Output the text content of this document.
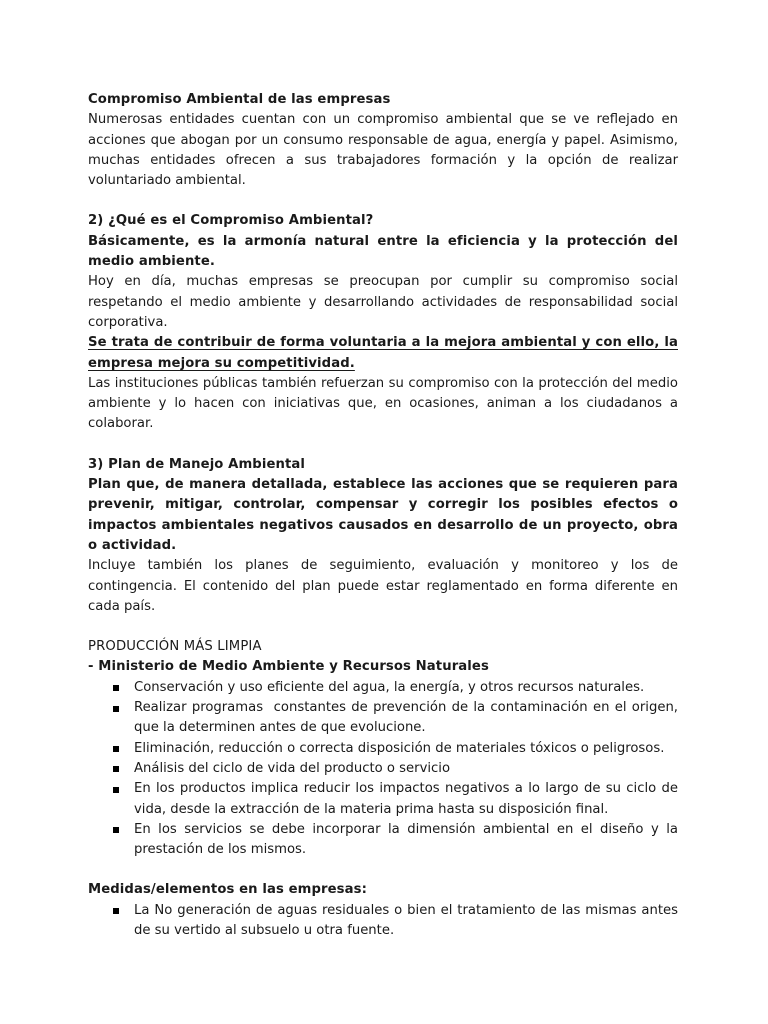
Compromiso Ambiental de las empresas

Numerosas entidades cuentan con un compromiso ambiental que se ve reflejado en acciones que abogan por un consumo responsable de agua, energía y papel. Asimismo, muchas entidades ofrecen a sus trabajadores formación y la opción de realizar voluntariado ambiental.

2) ¿Qué es el Compromiso Ambiental?

Básicamente, es la armonía natural entre la eficiencia y la protección del medio ambiente.

Hoy en día, muchas empresas se preocupan por cumplir su compromiso social respetando el medio ambiente y desarrollando actividades de responsabilidad social corporativa.

Se trata de contribuir de forma voluntaria a la mejora ambiental y con ello, la empresa mejora su competitividad.

Las instituciones públicas también refuerzan su compromiso con la protección del medio ambiente y lo hacen con iniciativas que, en ocasiones, animan a los ciudadanos a colaborar.

3) Plan de Manejo Ambiental

Plan que, de manera detallada, establece las acciones que se requieren para prevenir, mitigar, controlar, compensar y corregir los posibles efectos o impactos ambientales negativos causados en desarrollo de un proyecto, obra o actividad.

Incluye también los planes de seguimiento, evaluación y monitoreo y los de contingencia. El contenido del plan puede estar reglamentado en forma diferente en cada país.

PRODUCCIÓN MÁS LIMPIA

- Ministerio de Medio Ambiente y Recursos Naturales

Conservación y uso eficiente del agua, la energía, y otros recursos naturales.
Realizar programas  constantes de prevención de la contaminación en el origen, que la determinen antes de que evolucione.
Eliminación, reducción o correcta disposición de materiales tóxicos o peligrosos.
Análisis del ciclo de vida del producto o servicio
En los productos implica reducir los impactos negativos a lo largo de su ciclo de vida, desde la extracción de la materia prima hasta su disposición final.
En los servicios se debe incorporar la dimensión ambiental en el diseño y la prestación de los mismos.

Medidas/elementos en las empresas:

La No generación de aguas residuales o bien el tratamiento de las mismas antes de su vertido al subsuelo u otra fuente.
